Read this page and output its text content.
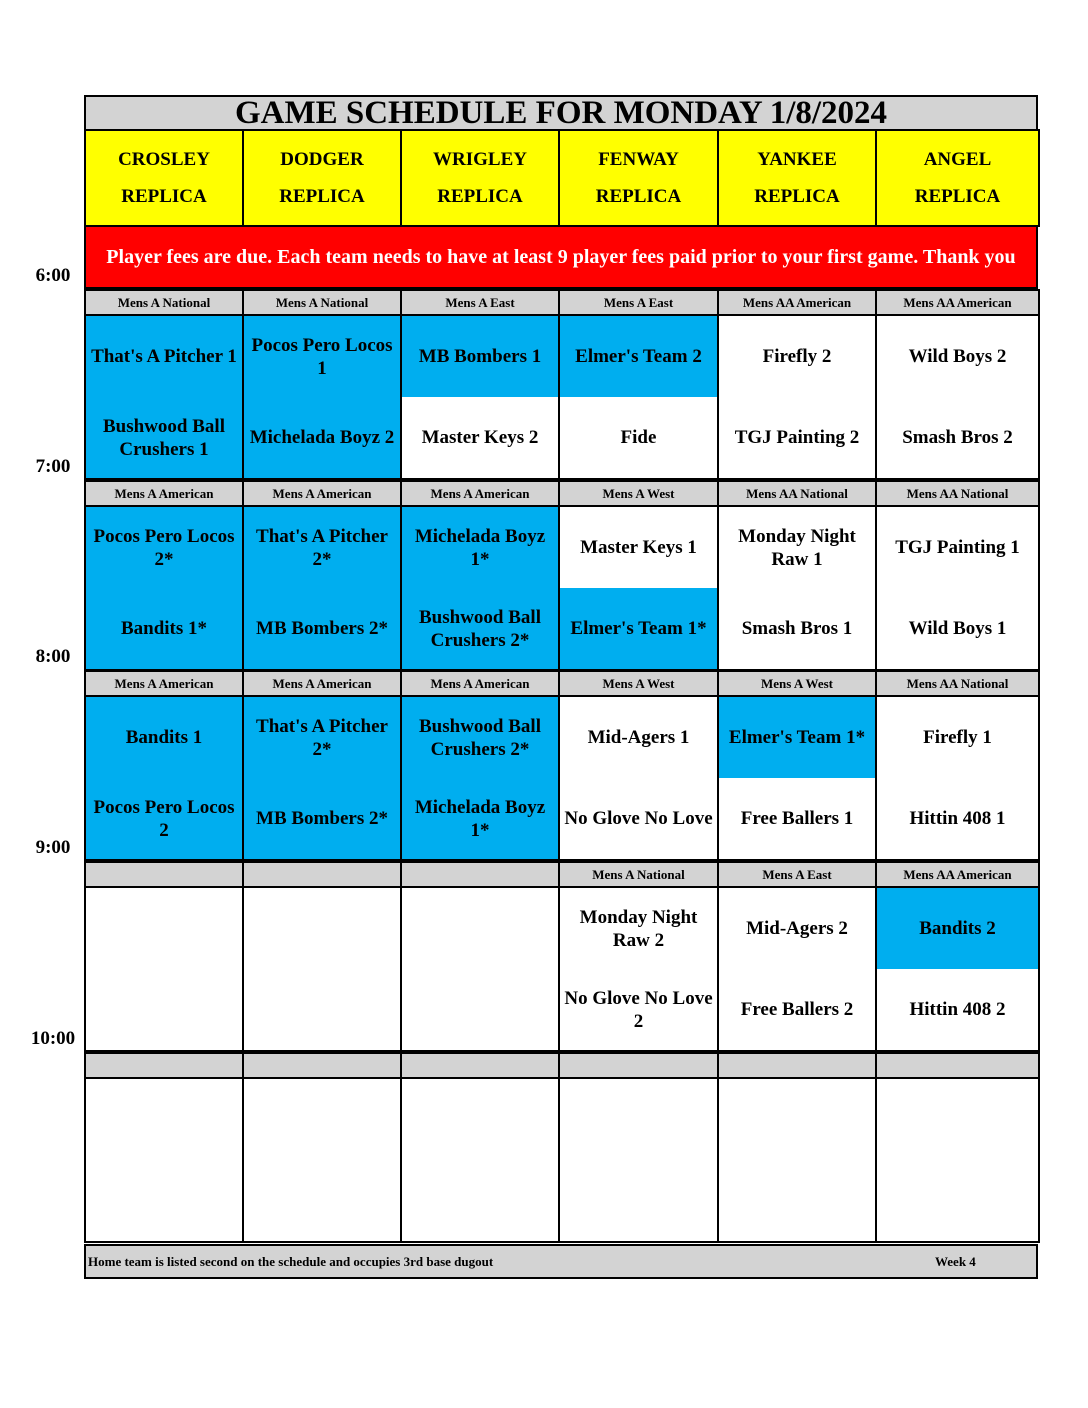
GAME SCHEDULE FOR MONDAY 1/8/2024
Player fees are due. Each team needs to have at least 9 player fees paid prior to your first game. Thank you
Home team is listed second on the schedule and occupies 3rd base dugout	Week 4
CROSLEY
REPLICA
DODGER
REPLICA
WRIGLEY
REPLICA
FENWAY
REPLICA
YANKEE
REPLICA
ANGEL
REPLICA
Mens A National
That's A Pitcher 1
Bushwood Ball Crushers 1
Mens A National
Pocos Pero Locos 1
Michelada Boyz 2
Mens A East
MB Bombers 1
Master Keys 2
Mens A East
Elmer's Team 2
Fide
Mens AA American
Firefly 2
TGJ Painting 2
Mens AA American
Wild Boys 2
Smash Bros 2
Mens A American
Pocos Pero Locos 2*
Bandits 1*
Mens A American
That's A Pitcher 2*
MB Bombers 2*
Mens A American
Michelada Boyz 1*
Bushwood Ball Crushers 2*
Mens A West
Master Keys 1
Elmer's Team 1*
Mens AA National
Monday Night Raw 1
Smash Bros 1
Mens AA National
TGJ Painting 1
Wild Boys 1
Mens A American
Bandits 1
Pocos Pero Locos 2
Mens A American
That's A Pitcher 2*
MB Bombers 2*
Mens A American
Bushwood Ball Crushers 2*
Michelada Boyz 1*
Mens A West
Mid-Agers 1
No Glove No Love
Mens A West
Elmer's Team 1*
Free Ballers 1
Mens AA National
Firefly 1
Hittin 408 1
Mens A National
Monday Night Raw 2
No Glove No Love 2
Mens A East
Mid-Agers 2
Free Ballers 2
Mens AA American
Bandits 2
Hittin 408 2
6:00
7:00
8:00
9:00
10:00
